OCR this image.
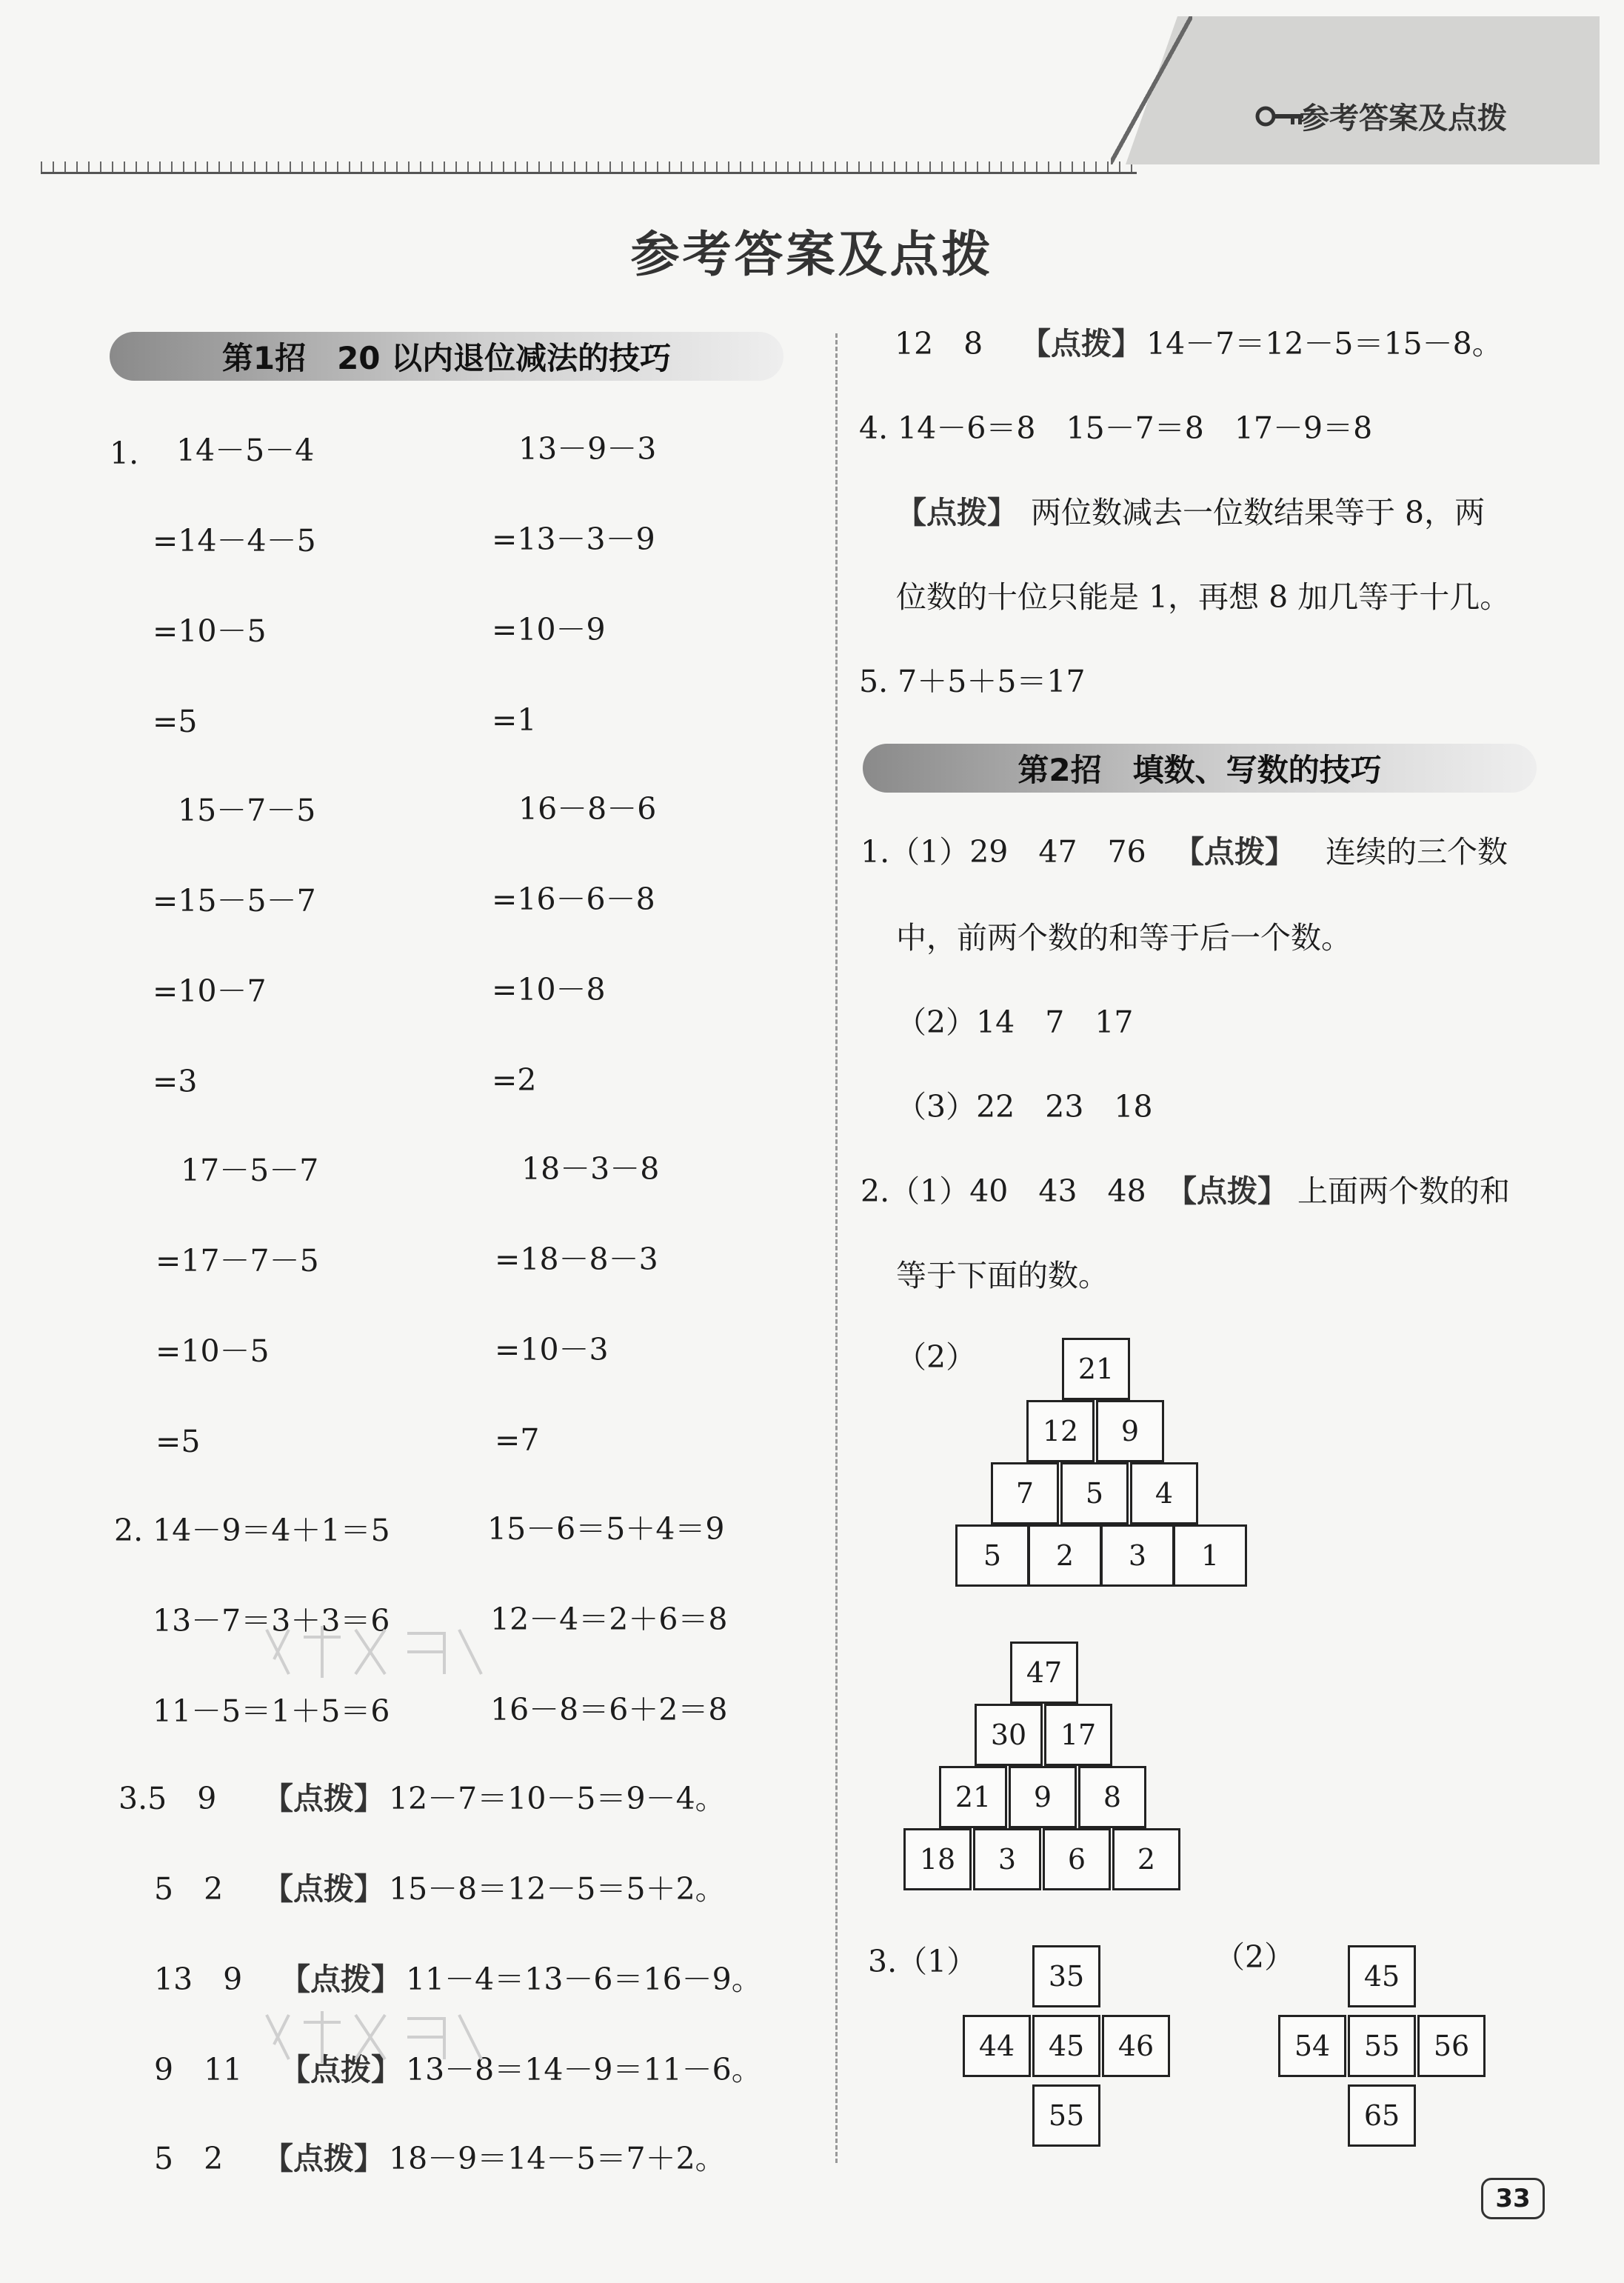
参考答案及点拨
参考答案及点拨
第1招　20 以内退位减法的技巧
1. 14－5－4
=14－4－5
=10－5
=5
15－7－5
=15－5－7
=10－7
=3
17－5－7
=17－7－5
=10－5
=5
13－9－3
=13－3－9
=10－9
=1
16－8－6
=16－6－8
=10－8
=2
18－3－8
=18－8－3
=10－3
=7
2. 14－9＝4＋1＝5
13－7＝3＋3＝6
11－5＝1＋5＝6
15－6＝5＋4＝9
12－4＝2＋6＝8
16－8＝6＋2＝8
3.5　9 【点拨】 12－7＝10－5＝9－4。
5　2 【点拨】 15－8＝12－5＝5＋2。
13　9 【点拨】 11－4＝13－6＝16－9。
9　11 【点拨】 13－8＝14－9＝11－6。
5　2 【点拨】 18－9＝14－5＝7＋2。
12　8 【点拨】 14－7＝12－5＝15－8。
4. 14－6＝8　15－7＝8　17－9＝8
【点拨】 两位数减去一位数结果等于 8，两
位数的十位只能是 1，再想 8 加几等于十几。
5. 7＋5＋5＝17
第2招　填数、写数的技巧
1.（1）29　47　76 【点拨】 连续的三个数
中，前两个数的和等于后一个数。
（2）14　7　17
（3）22　23　18
2.（1）40　43　48 【点拨】 上面两个数的和
等于下面的数。
（2）	21
12	9
7	5	4
5	2	3	1
47
30	17
21	9	8
18	3	6	2
3.（1）	（2）
35
44	45	46
55
45
54	55	56
65
33
